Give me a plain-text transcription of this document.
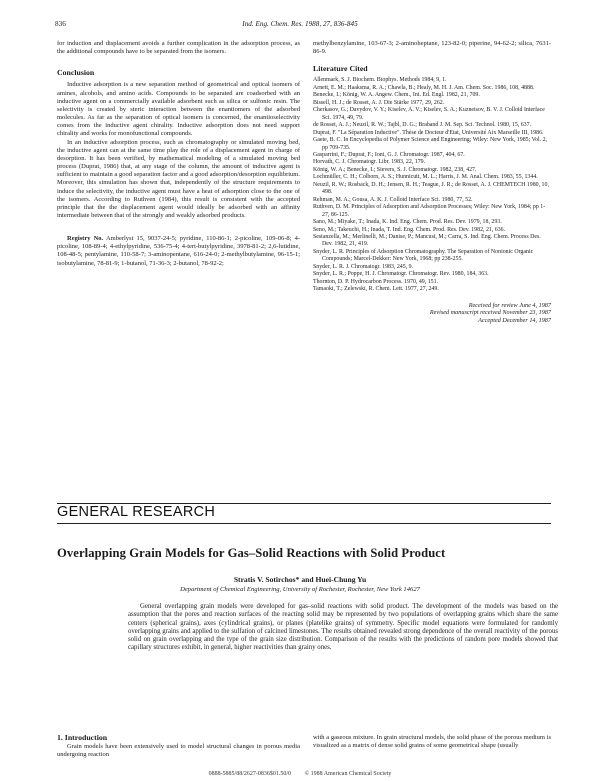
836	Ind. Eng. Chem. Res. 1988, 27, 836-845

for induction and displacement avoids a further complication in the adsorption process, as the additional compounds have to be separated from the isomers.

Conclusion

Inductive adsorption is a new separation method of geometrical and optical isomers of amines, alcohols, and amino acids. Compounds to be separated are coadsorbed with an inductive agent on a commercially available adsorbent such as silica or sulfonic resin. The selectivity is created by steric interaction between the enantiomers of the adsorbed molecules. As far as the separation of optical isomers is concerned, the enantioselectivity comes from the inductive agent chirality. Inductive adsorption does not need support chirality and works for monofunctional compounds.

In an inductive adsorption process, such as chromatography or simulated moving bed, the inductive agent can at the same time play the role of a displacement agent in charge of desorption. It has been verified, by mathematical modeling of a simulated moving bed process (Duprat, 1986) that, at any stage of the column, the amount of inductive agent is sufficient to maintain a good separation factor and a good adsorption/desorption equilibrium. Moreover, this simulation has shown that, independently of the structure requirements to induce the selectivity, the inductive agent must have a heat of adsorption close to the one of the isomers. According to Ruthven (1984), this result is consistent with the accepted principle that the the displacement agent would ideally be adsorbed with an affinity intermediate between that of the strongly and weakly adsorbed products.

Registry No. Amberlyst 15, 9037-24-5; pyridine, 110-86-1; 2-picoline, 109-06-8; 4-picoline, 108-89-4; 4-ethylpyridine, 536-75-4; 4-tert-butylpyridine, 3978-81-2; 2,6-lutidine, 108-48-5; pentylamine, 110-58-7; 3-aminopentane, 616-24-0; 2-methylbutylamine, 96-15-1; isobutylamine, 78-81-9; 1-butanol, 71-36-3; 2-butanol, 78-92-2;

methylbenzylamine, 103-67-3; 2-aminoheptane, 123-82-0; piperine, 94-62-2; silica, 7631-86-9.

Literature Cited

Allenmark, S. J. Biochem. Biophys. Methods 1984, 9, 1.

Arnett, E. M.; Haaksma, R. A.; Chawla, B.; Healy, M. H. J. Am. Chem. Soc. 1986, 108, 4888.

Benecke, I.; König, W. A. Angew. Chem., Int. Ed. Engl. 1982, 21, 709.

Bissell, H. J.; de Rosset, A. J. Die Stärke 1977, 29, 262.

Cherkasov, G.; Davydov, V. Y.; Kiselev, A. V.; Kiselev, S. A.; Kuznetsov, B. V. J. Colloid Interface Sci. 1974, 49, 79.

de Rosset, A. J.; Neuzil, R. W.; Tajbl, D. G.; Braband J. M. Sep. Sci. Technol. 1980, 15, 637.

Duprat, F. "La Séparation Inductive". Thèse de Docteur d'Etat, Université Aix Marseille III, 1986.

Gaete, B. C. In Encyclopedia of Polymer Science and Engineering; Wiley: New York, 1985; Vol. 2, pp 709-735.

Gasparrini, F.; Duprat, F.; Ioni, G. J. Chromatogr. 1987, 404, 67.

Horvath, C. J. Chromatogr. Libr. 1983, 22, 179.

König, W. A.; Benecke, I.; Sievers, S. J. Chromatogr. 1982, 238, 427.

Lochmüller, C. H.; Colborn, A. S.; Hunnicutt, M. L.; Harris, J. M. Anal. Chem. 1983, 55, 1344.

Neuzil, R. W.; Rosback, D. H.; Jensen, R. H.; Teague, J. R.; de Rosset, A. J. CHEMTECH 1980, 10, 498.

Rehman, M. A.; Gousa, A. K. J. Colloid Interface Sci. 1980, 77, 52.

Ruthven, D. M. Principles of Adsorption and Adsorption Processes; Wiley: New York, 1984; pp 1-27, 86-125.

Sano, M.; Miyake, T.; Inada, K. Ind. Eng. Chem. Prod. Res. Dev. 1979, 18, 293.

Seno, M.; Takeuchi, H.; Inada, T. Ind. Eng. Chem. Prod. Res. Dev. 1982, 21, 636.

Sestanzella, M.; Merlinelli, M.; Danise, P.; Mancusi, M.; Carra, S. Ind. Eng. Chem. Process Des. Dev. 1982, 21, 419.

Snyder, L. R. Principles of Adsorption Chromatography. The Separation of Nonionic Organic Compounds; Marcel-Dekker: New York, 1968; pp 238-255.

Snyder, L. R. J. Chromatogr. 1983, 245, 9.

Snyder, L. R.; Poppe, H. J. Chromatogr. Chromatogr. Rev. 1980, 184, 363.

Thornton, D. P. Hydrocarbon Process. 1970, 49, 151.

Tamaoki, T.; Zelewski, R. Chem. Lett. 1977, 27, 249.

Received for review June 4, 1987
Revised manuscript received November 23, 1987
Accepted December 14, 1987
GENERAL RESEARCH
Overlapping Grain Models for Gas–Solid Reactions with Solid Product
Stratis V. Sotirchos* and Huei-Chung Yu
Department of Chemical Engineering, University of Rochester, Rochester, New York 14627
General overlapping grain models were developed for gas–solid reactions with solid product. The development of the models was based on the assumption that the pores and reaction surfaces of the reacting solid may be represented by two populations of overlapping grains which share the same centers (spherical grains), axes (cylindrical grains), or planes (platelike grains) of symmetry. Specific model equations were formulated for randomly overlapping grains and applied to the sulfation of calcined limestones. The results obtained revealed strong dependence of the overall reactivity of the porous solid on grain overlapping and the type of the grain size distribution. Comparison of the results with the predictions of random pore models showed that capillary structures exhibit, in general, higher reactivities than grainy ones.
1. Introduction

Grain models have been extensively used to model structural changes in porous media undergoing reaction

with a gaseous mixture. In grain structural models, the solid phase of the porous medium is visualized as a matrix of dense solid grains of some geometrical shape (usually

0888-5885/88/2627-0836$01.50/0 © 1988 American Chemical Society
